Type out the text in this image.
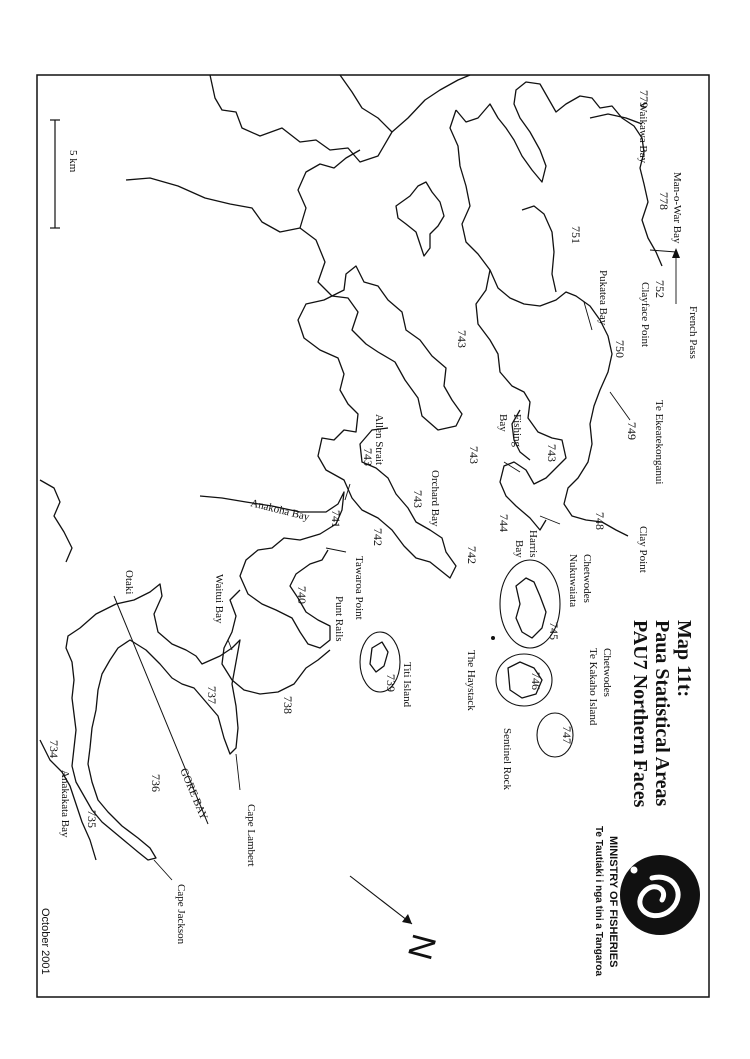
5 km
N
Map 11t:
Paua Statistical Areas
PAU7 Northern Faces
MINISTRY OF FISHERIES
Te Tautiaki i nga tini a Tangaroa
October 2001
779
778
752
751
750
749
748
743
743
743
743
743
744
745
746
747
742
742
741
740
739
738
737
736
735
734
Waikawa Bay
Man-o-War Bay
French Pass
Clayface Point
Pukatea Bay
Te Ekeatekonganui
Fishing
Bay
Allen Strait
Orchard Bay
Anakoha Bay
Tawaroa Point
Harris
Bay	Clay Point
Chetwodes
Nukuwaiata
Chetwodes
Te Kakaho Island
The Haystack
Sentinel Rock
Titi Island
Punt Rails
Waitui Bay
Otaki
GORE BAY
Cape Lambert
Cape Jackson
Anakakata Bay
